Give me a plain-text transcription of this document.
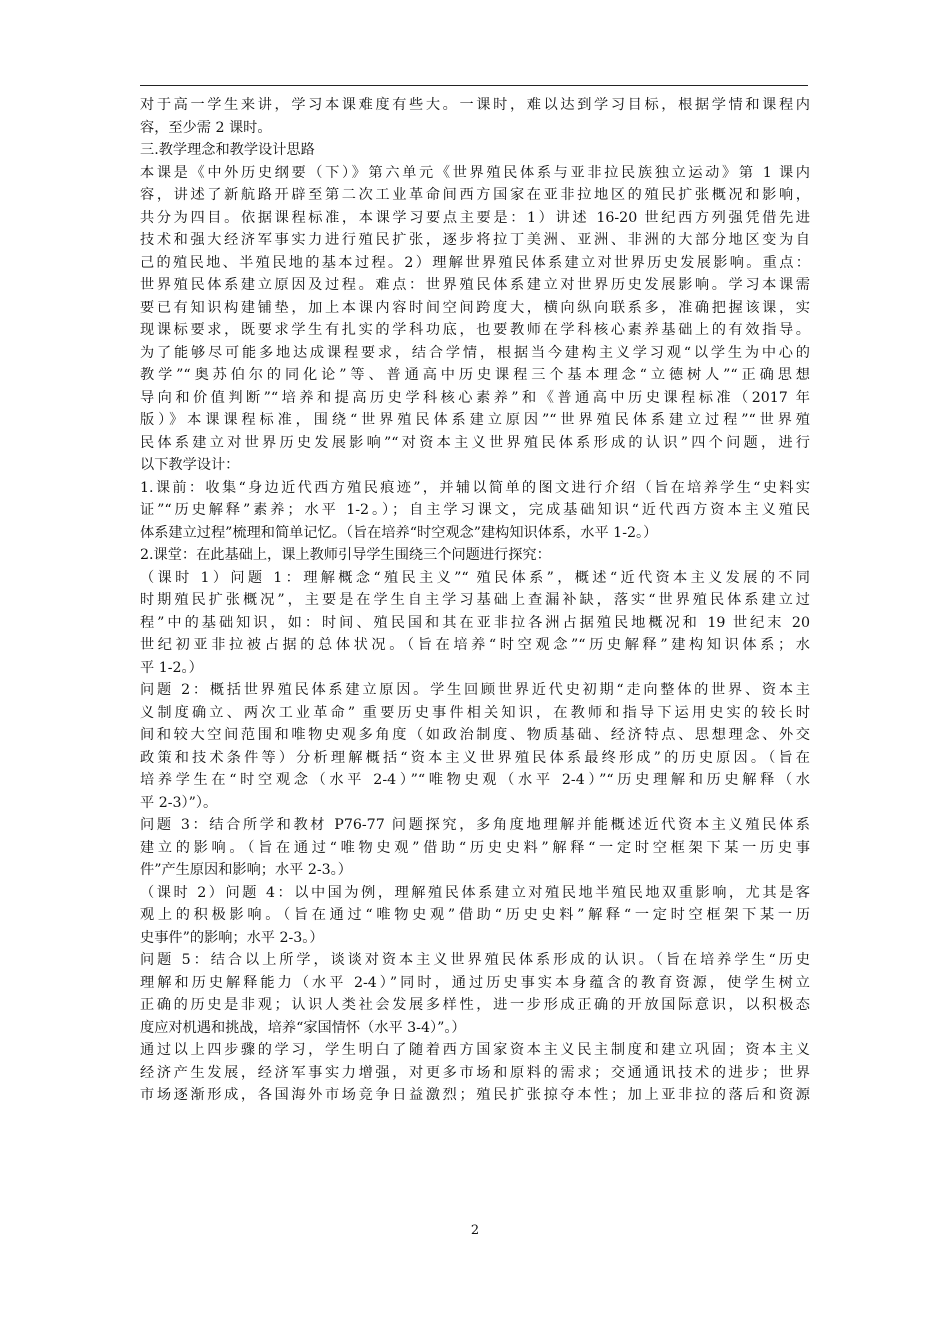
对于高一学生来讲，学习本课难度有些大。一课时，难以达到学习目标，根据学情和课程内
容，至少需 2 课时。
三.教学理念和教学设计思路
本课是《中外历史纲要（下）》第六单元《世界殖民体系与亚非拉民族独立运动》第 1 课内
容，讲述了新航路开辟至第二次工业革命间西方国家在亚非拉地区的殖民扩张概况和影响，
共分为四目。依据课程标准，本课学习要点主要是：1）讲述 16-20 世纪西方列强凭借先进
技术和强大经济军事实力进行殖民扩张，逐步将拉丁美洲、亚洲、非洲的大部分地区变为自
己的殖民地、半殖民地的基本过程。2）理解世界殖民体系建立对世界历史发展影响。重点：
世界殖民体系建立原因及过程。难点：世界殖民体系建立对世界历史发展影响。学习本课需
要已有知识构建铺垫，加上本课内容时间空间跨度大，横向纵向联系多，准确把握该课，实
现课标要求，既要求学生有扎实的学科功底，也要教师在学科核心素养基础上的有效指导。
为了能够尽可能多地达成课程要求，结合学情，根据当今建构主义学习观“以学生为中心的
教学”“奥苏伯尔的同化论”等、普通高中历史课程三个基本理念“立德树人”“正确思想
导向和价值判断”“培养和提高历史学科核心素养”和《普通高中历史课程标准（2017 年
版）》本课课程标准，围绕“世界殖民体系建立原因”“世界殖民体系建立过程”“世界殖
民体系建立对世界历史发展影响”“对资本主义世界殖民体系形成的认识”四个问题，进行
以下教学设计：
1.课前：收集“身边近代西方殖民痕迹”，并辅以简单的图文进行介绍（旨在培养学生“史料实
证”“历史解释”素养；水平 1-2。）；自主学习课文，完成基础知识“近代西方资本主义殖民
体系建立过程”梳理和简单记忆。（旨在培养“时空观念”建构知识体系，水平 1-2。）
2.课堂：在此基础上，课上教师引导学生围绕三个问题进行探究：
（课时 1）问题 1：理解概念“殖民主义”“ 殖民体系”，概述“近代资本主义发展的不同
时期殖民扩张概况”，主要是在学生自主学习基础上查漏补缺，落实“世界殖民体系建立过
程”中的基础知识，如：时间、殖民国和其在亚非拉各洲占据殖民地概况和 19 世纪末 20
世纪初亚非拉被占据的总体状况。（旨在培养“时空观念”“历史解释”建构知识体系；水
平 1-2。）
问题 2：概括世界殖民体系建立原因。学生回顾世界近代史初期“走向整体的世界、资本主
义制度确立、两次工业革命” 重要历史事件相关知识，在教师和指导下运用史实的较长时
间和较大空间范围和唯物史观多角度（如政治制度、物质基础、经济特点、思想理念、外交
政策和技术条件等）分析理解概括“资本主义世界殖民体系最终形成”的历史原因。（旨在
培养学生在“时空观念（水平 2-4）”“唯物史观（水平 2-4）”“历史理解和历史解释（水
平 2-3）”）。
问题 3：结合所学和教材 P76-77 问题探究，多角度地理解并能概述近代资本主义殖民体系
建立的影响。（旨在通过“唯物史观”借助“历史史料”解释“一定时空框架下某一历史事
件”产生原因和影响；水平 2-3。）
（课时 2）问题 4：以中国为例，理解殖民体系建立对殖民地半殖民地双重影响，尤其是客
观上的积极影响。（旨在通过“唯物史观”借助“历史史料”解释“一定时空框架下某一历
史事件”的影响；水平 2-3。）
问题 5：结合以上所学，谈谈对资本主义世界殖民体系形成的认识。（旨在培养学生“历史
理解和历史解释能力（水平 2-4）”同时，通过历史事实本身蕴含的教育资源，使学生树立
正确的历史是非观；认识人类社会发展多样性，进一步形成正确的开放国际意识，以积极态
度应对机遇和挑战，培养“家国情怀（水平 3-4）”。）
通过以上四步骤的学习，学生明白了随着西方国家资本主义民主制度和建立巩固；资本主义
经济产生发展，经济军事实力增强，对更多市场和原料的需求；交通通讯技术的进步；世界
市场逐渐形成，各国海外市场竞争日益激烈；殖民扩张掠夺本性；加上亚非拉的落后和资源
2
